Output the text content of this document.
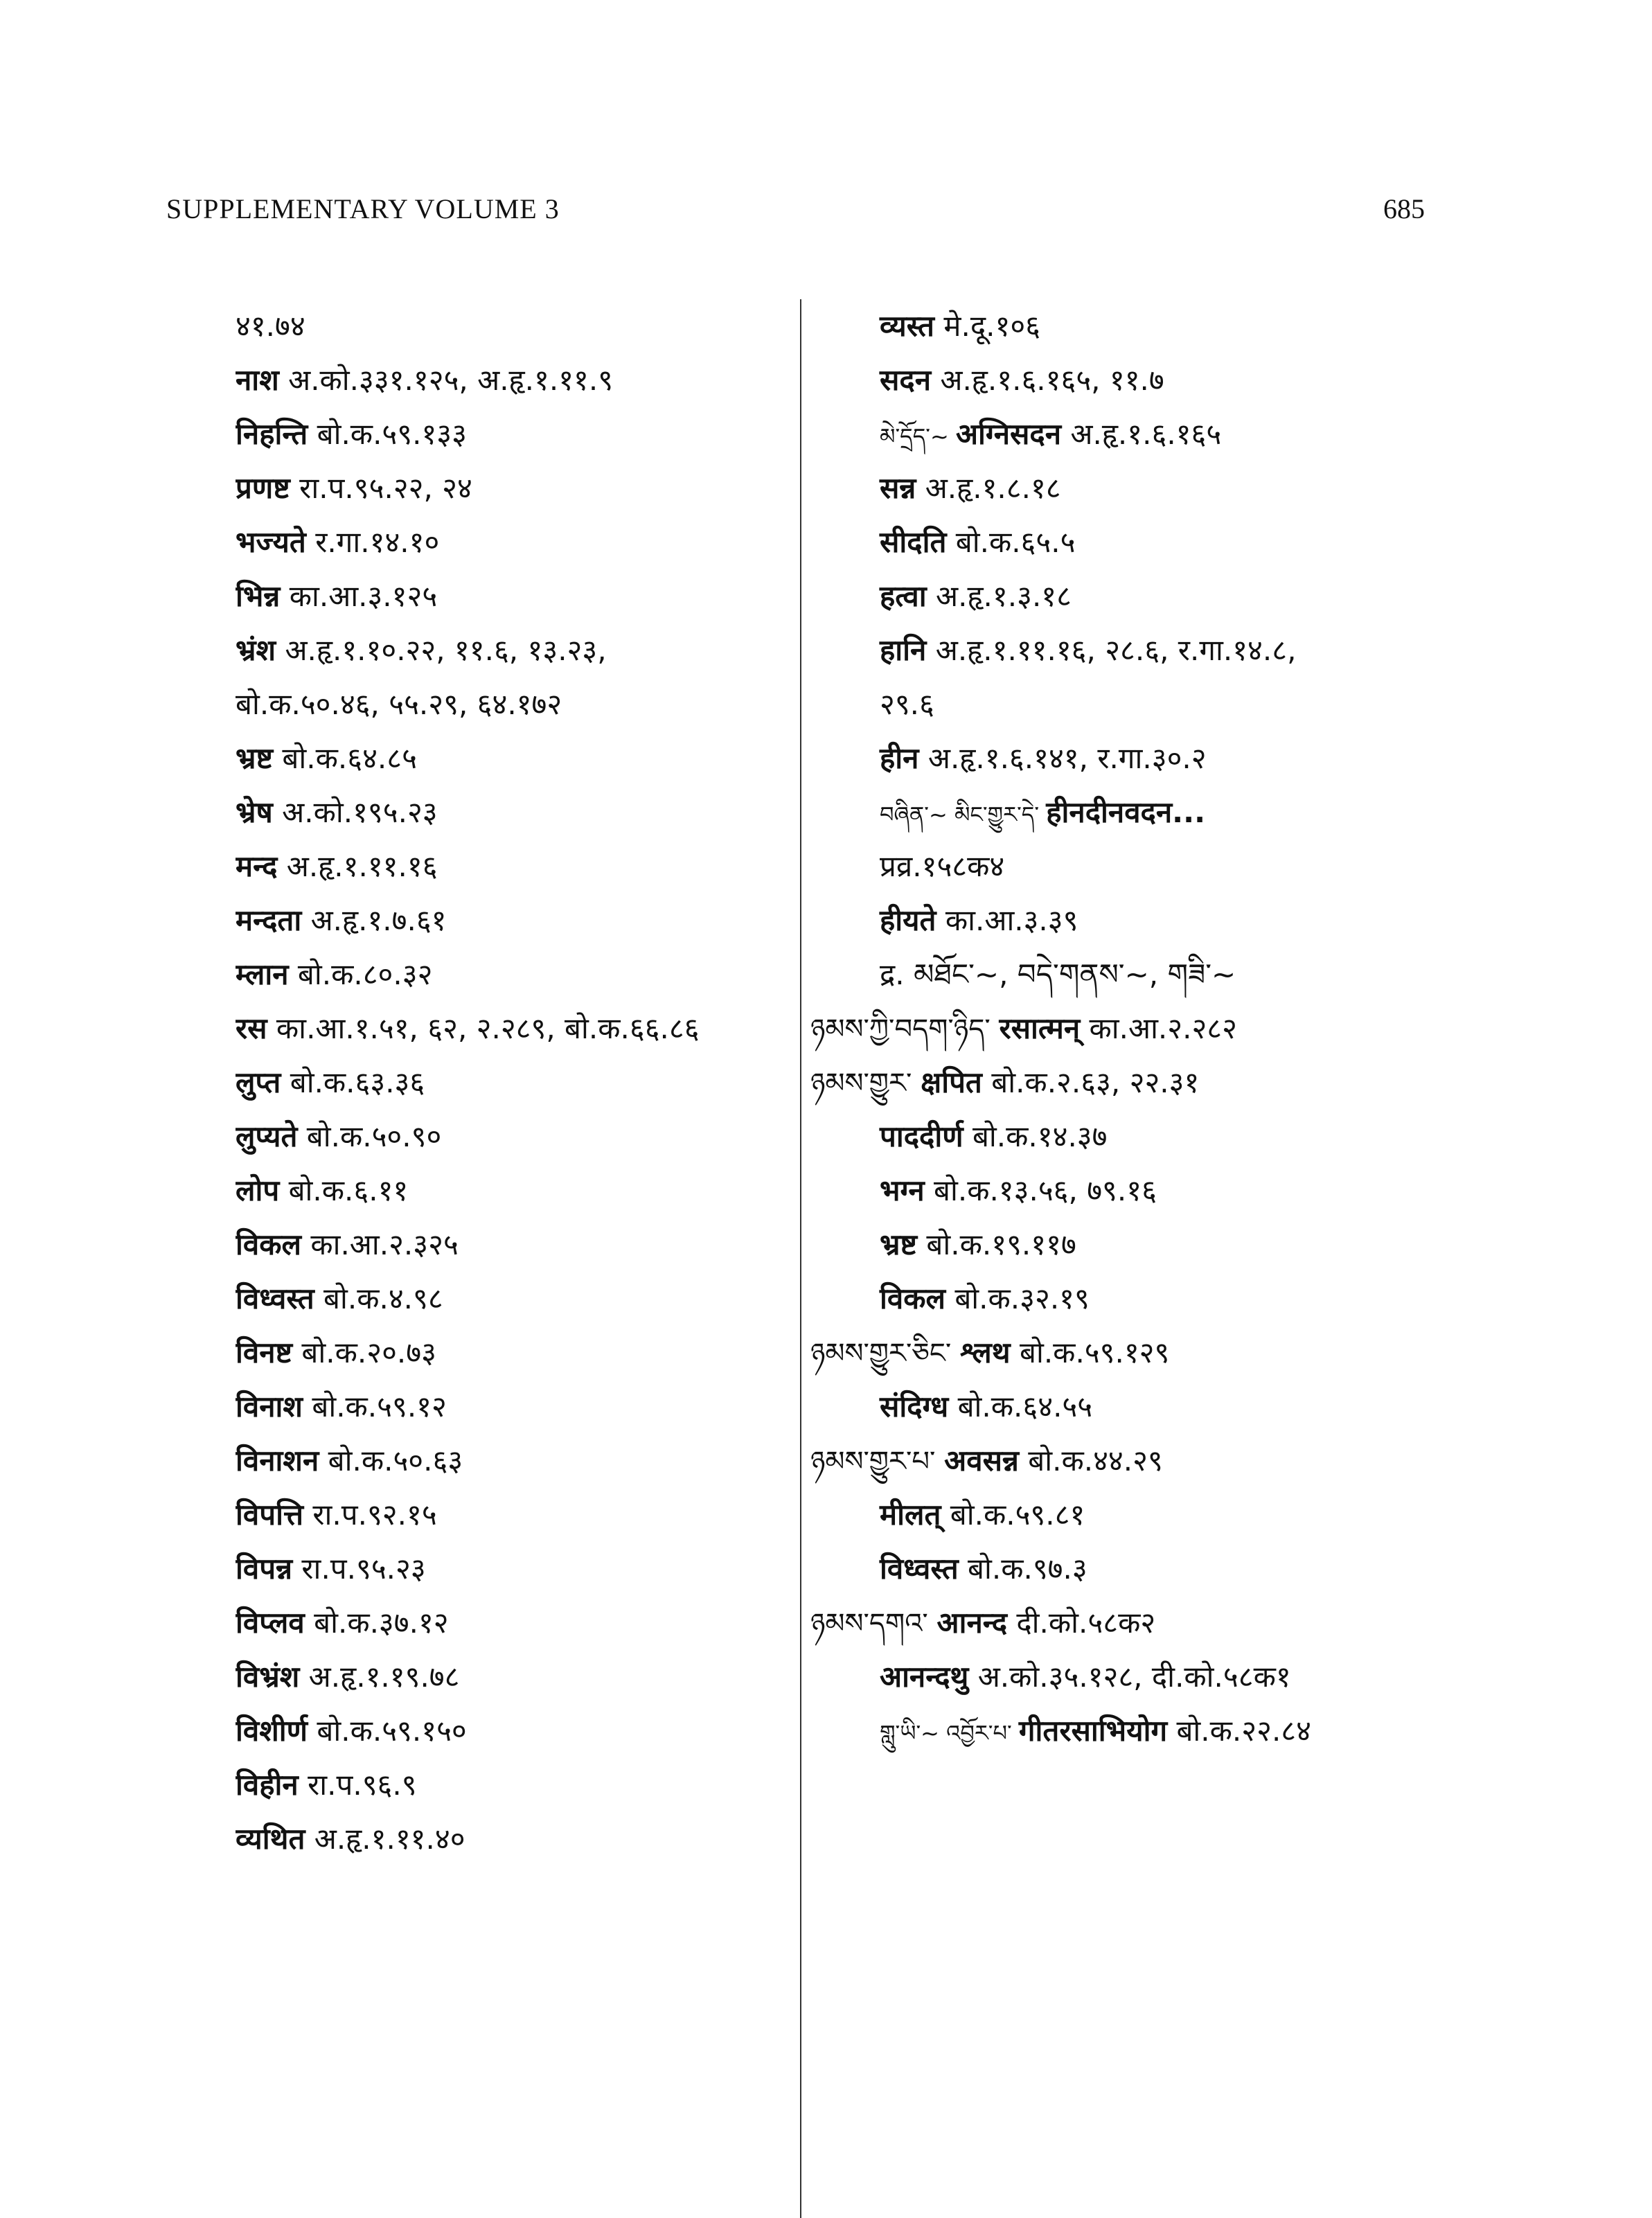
SUPPLEMENTARY VOLUME 3	685
४१.७४
नाश अ.को.३३१.१२५, अ.हृ.१.११.९
निहन्ति बो.क.५९.१३३
प्रणष्ट रा.प.९५.२२, २४
भज्यते र.गा.१४.१०
भिन्न का.आ.३.१२५
भ्रंश अ.हृ.१.१०.२२, ११.६, १३.२३,
बो.क.५०.४६, ५५.२९, ६४.१७२
भ्रष्ट बो.क.६४.८५
भ्रेष अ.को.१९५.२३
मन्द अ.हृ.१.११.१६
मन्दता अ.हृ.१.७.६१
म्लान बो.क.८०.३२
रस का.आ.१.५१, ६२, २.२८९, बो.क.६६.८६
लुप्त बो.क.६३.३६
लुप्यते बो.क.५०.९०
लोप बो.क.६.११
विकल का.आ.२.३२५
विध्वस्त बो.क.४.९८
विनष्ट बो.क.२०.७३
विनाश बो.क.५९.१२
विनाशन बो.क.५०.६३
विपत्ति रा.प.९२.१५
विपन्न रा.प.९५.२३
विप्लव बो.क.३७.१२
विभ्रंश अ.हृ.१.१९.७८
विशीर्ण बो.क.५९.१५०
विहीन रा.प.९६.९
व्यथित अ.हृ.१.११.४०
व्यस्त मे.दू.१०६
सदन अ.हृ.१.६.१६५, ११.७
མེ་དྲོད་~ अग्निसदन अ.हृ.१.६.१६५
सन्न अ.हृ.१.८.१८
सीदति बो.क.६५.५
हत्वा अ.हृ.१.३.१८
हानि अ.हृ.१.११.१६, २८.६, र.गा.१४.८,
२९.६
हीन अ.हृ.१.६.१४१, र.गा.३०.२
བཞིན་~ མིང་གྱུར་དེ་ हीनदीनवदन...
प्रव्र.१५८क४
हीयते का.आ.३.३९
द्र. མཐོང་~, བདེ་གནས་~, གཟི་~
ཉམས་ཀྱི་བདག་ཉིད་ रसात्मन् का.आ.२.२८२
ཉམས་གྱུར་ क्षपित बो.क.२.६३, २२.३१
पाददीर्ण बो.क.१४.३७
भग्न बो.क.१३.५६, ७९.१६
भ्रष्ट बो.क.१९.११७
विकल बो.क.३२.१९
ཉམས་གྱུར་ཅིང་ श्लथ बो.क.५९.१२९
संदिग्ध बो.क.६४.५५
ཉམས་གྱུར་པ་ अवसन्न बो.क.४४.२९
मीलत् बो.क.५९.८१
विध्वस्त बो.क.९७.३
ཉམས་དགའ་ आनन्द दी.को.५८क२
आनन्दथु अ.को.३५.१२८, दी.को.५८क१
གླུ་ཡི་~ འབྱོར་པ་ गीतरसाभियोग बो.क.२२.८४
